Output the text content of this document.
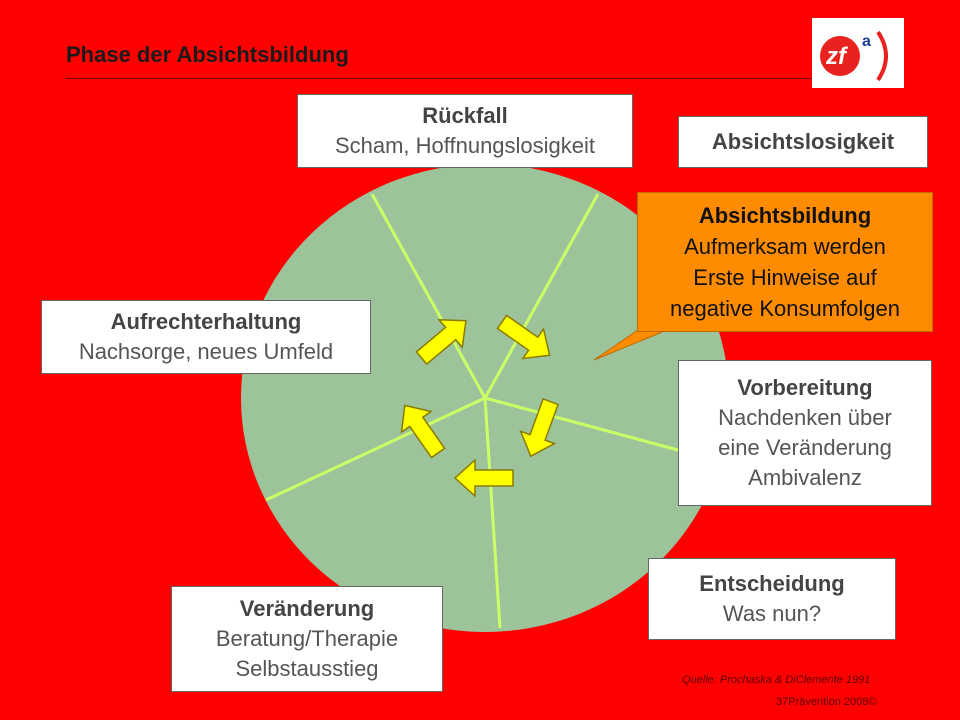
Phase der Absichtsbildung	zf
a
Rückfall
Scham, Hoffnungslosigkeit	Absichtslosigkeit
Absichtsbildung
Aufmerksam werden
Erste Hinweise auf
negative Konsumfolgen
Vorbereitung
Nachdenken über
eine Veränderung
Ambivalenz
Entscheidung
Was nun?
Veränderung
Beratung/Therapie
Selbstausstieg
Aufrechterhaltung
Nachsorge, neues Umfeld
Quelle: Prochaska & DiClemente 1991
37Prävention 2008©
